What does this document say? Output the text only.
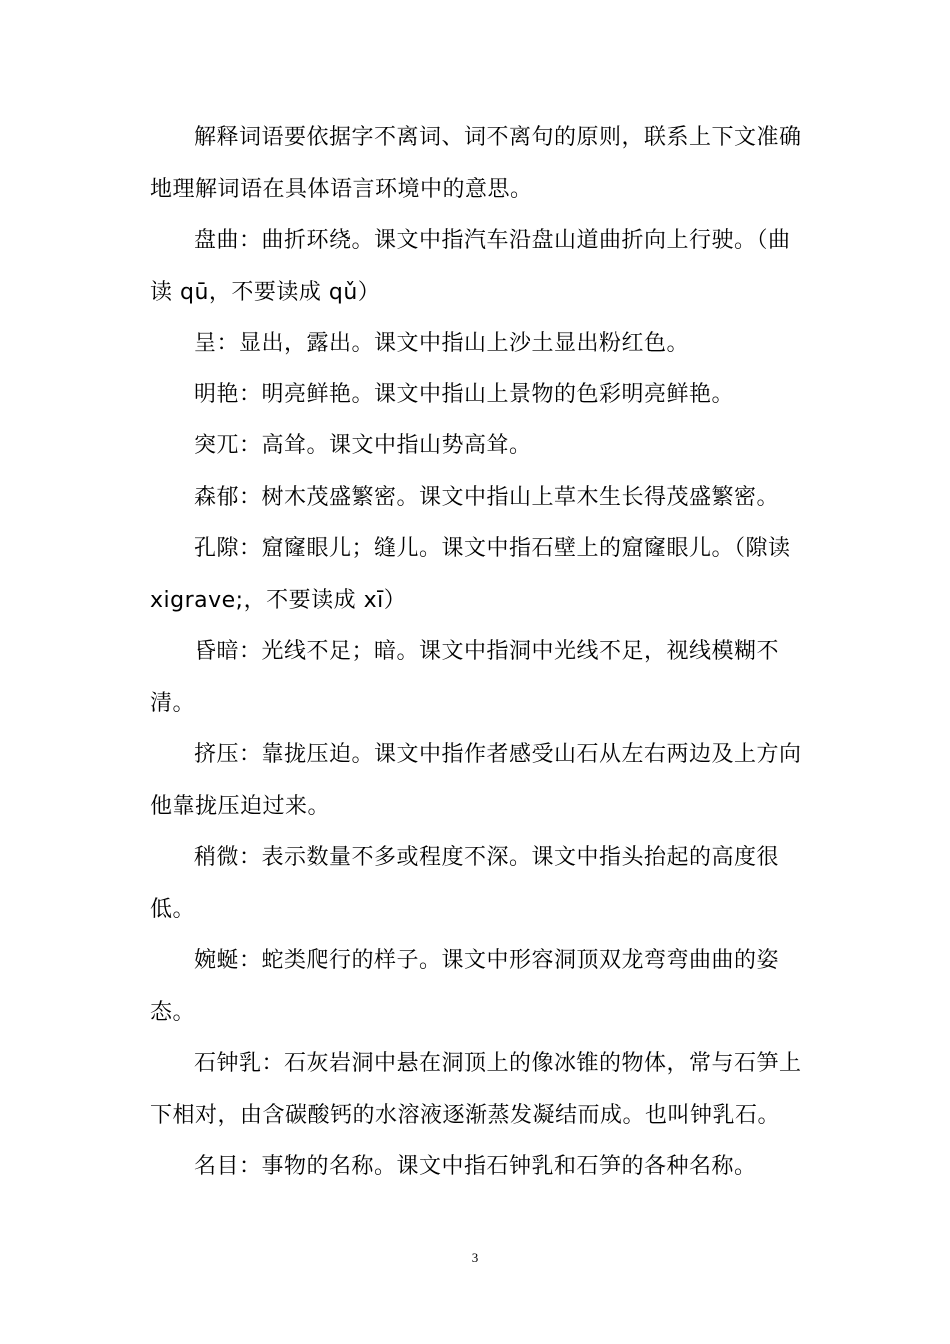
解释词语要依据字不离词、词不离句的原则，联系上下文准确地理解词语在具体语言环境中的意思。

盘曲：曲折环绕。课文中指汽车沿盘山道曲折向上行驶。（曲读 qū，不要读成 qǔ）

呈：显出，露出。课文中指山上沙土显出粉红色。

明艳：明亮鲜艳。课文中指山上景物的色彩明亮鲜艳。

突兀：高耸。课文中指山势高耸。

森郁：树木茂盛繁密。课文中指山上草木生长得茂盛繁密。

孔隙：窟窿眼儿；缝儿。课文中指石壁上的窟窿眼儿。（隙读 xigrave;，不要读成 xī）

昏暗：光线不足；暗。课文中指洞中光线不足，视线模糊不清。

挤压：靠拢压迫。课文中指作者感受山石从左右两边及上方向他靠拢压迫过来。

稍微：表示数量不多或程度不深。课文中指头抬起的高度很低。

婉蜒：蛇类爬行的样子。课文中形容洞顶双龙弯弯曲曲的姿态。

石钟乳：石灰岩洞中悬在洞顶上的像冰锥的物体，常与石笋上下相对，由含碳酸钙的水溶液逐渐蒸发凝结而成。也叫钟乳石。

名目：事物的名称。课文中指石钟乳和石笋的各种名称。

3
